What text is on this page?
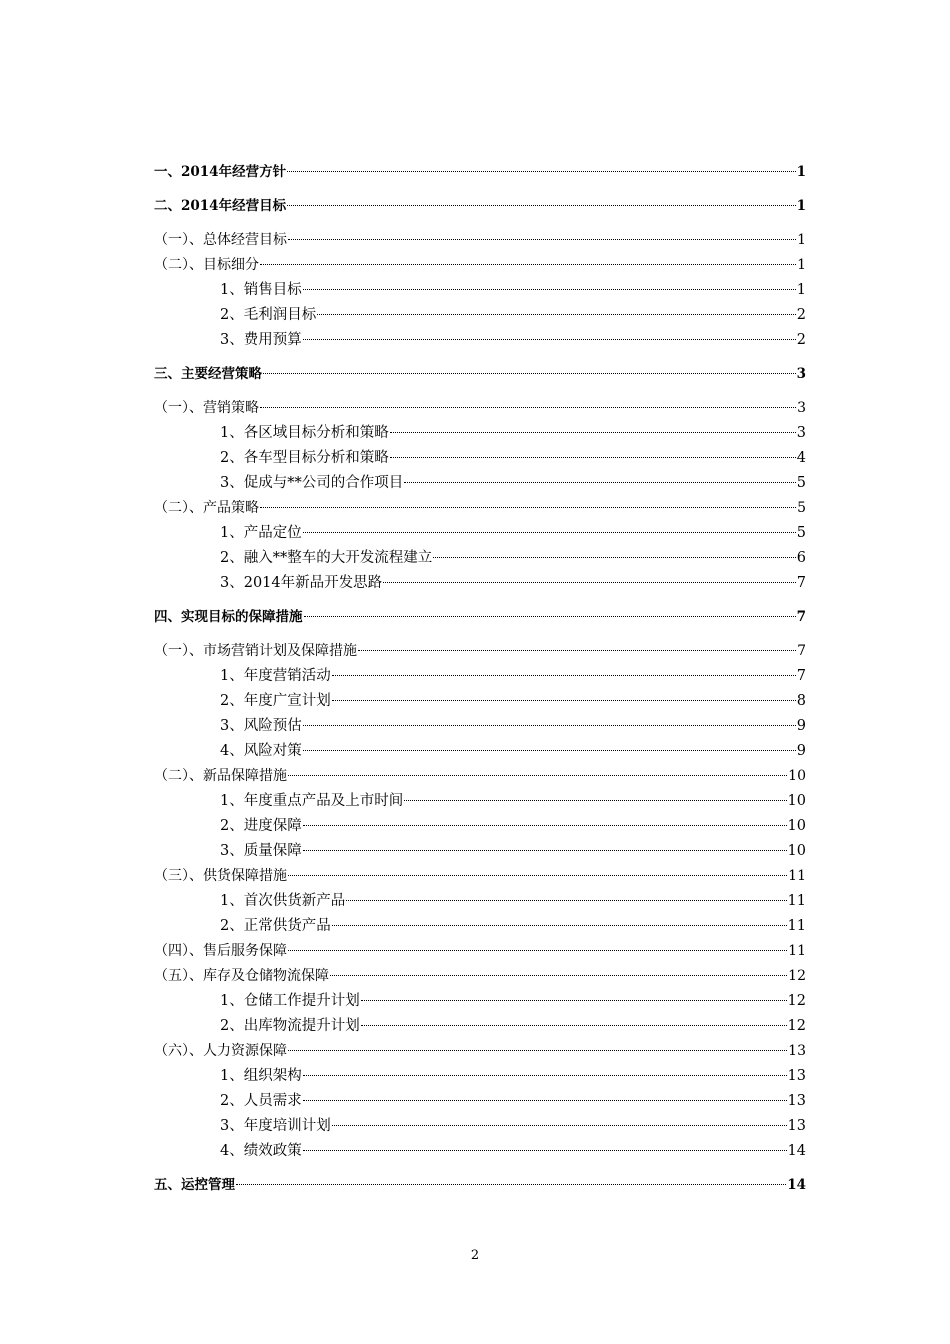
一、2014年经营方针	1
二、2014年经营目标	1
（一）、总体经营目标	1
（二）、目标细分	1
1、销售目标	1
2、毛利润目标	2
3、费用预算	2
三、主要经营策略	3
（一）、营销策略	3
1、各区域目标分析和策略	3
2、各车型目标分析和策略	4
3、促成与**公司的合作项目	5
（二）、产品策略	5
1、产品定位	5
2、融入**整车的大开发流程建立	6
3、2014年新品开发思路	7
四、实现目标的保障措施	7
（一）、市场营销计划及保障措施	7
1、年度营销活动	7
2、年度广宣计划	8
3、风险预估	9
4、风险对策	9
（二）、新品保障措施	10
1、年度重点产品及上市时间	10
2、进度保障	10
3、质量保障	10
（三）、供货保障措施	11
1、首次供货新产品	11
2、正常供货产品	11
（四）、售后服务保障	11
（五）、库存及仓储物流保障	12
1、仓储工作提升计划	12
2、出库物流提升计划	12
（六）、人力资源保障	13
1、组织架构	13
2、人员需求	13
3、年度培训计划	13
4、绩效政策	14
五、运控管理	14
2
